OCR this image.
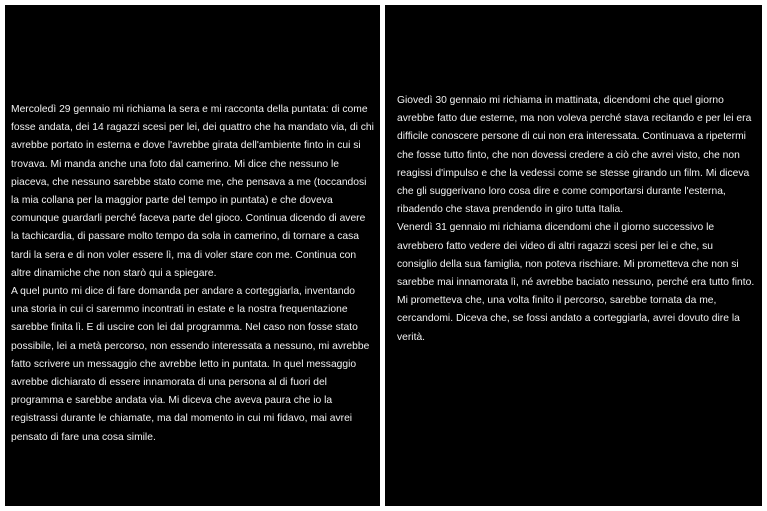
Mercoledì 29 gennaio mi richiama la sera e mi racconta della puntata: di come fosse andata, dei 14 ragazzi scesi per lei, dei quattro che ha mandato via, di chi avrebbe portato in esterna e dove l'avrebbe girata dell'ambiente finto in cui si trovava. Mi manda anche una foto dal camerino. Mi dice che nessuno le piaceva, che nessuno sarebbe stato come me, che pensava a me (toccandosi la mia collana per la maggior parte del tempo in puntata) e che doveva comunque guardarli perché faceva parte del gioco. Continua dicendo di avere la tachicardia, di passare molto tempo da sola in camerino, di tornare a casa tardi la sera e di non voler essere lì, ma di voler stare con me. Continua con altre dinamiche che non starò qui a spiegare.

A quel punto mi dice di fare domanda per andare a corteggiarla, inventando una storia in cui ci saremmo incontrati in estate e la nostra frequentazione sarebbe finita lì. E di uscire con lei dal programma. Nel caso non fosse stato possibile, lei a metà percorso, non essendo interessata a nessuno, mi avrebbe fatto scrivere un messaggio che avrebbe letto in puntata. In quel messaggio avrebbe dichiarato di essere innamorata di una persona al di fuori del programma e sarebbe andata via. Mi diceva che aveva paura che io la registrassi durante le chiamate, ma dal momento in cui mi fidavo, mai avrei pensato di fare una cosa simile.

Giovedì 30 gennaio mi richiama in mattinata, dicendomi che quel giorno avrebbe fatto due esterne, ma non voleva perché stava recitando e per lei era difficile conoscere persone di cui non era interessata. Continuava a ripetermi che fosse tutto finto, che non dovessi credere a ciò che avrei visto, che non reagissi d'impulso e che la vedessi come se stesse girando un film. Mi diceva che gli suggerivano loro cosa dire e come comportarsi durante l'esterna, ribadendo che stava prendendo in giro tutta Italia.

Venerdì 31 gennaio mi richiama dicendomi che il giorno successivo le avrebbero fatto vedere dei video di altri ragazzi scesi per lei e che, su consiglio della sua famiglia, non poteva rischiare. Mi prometteva che non si sarebbe mai innamorata lì, né avrebbe baciato nessuno, perché era tutto finto. Mi prometteva che, una volta finito il percorso, sarebbe tornata da me, cercandomi. Diceva che, se fossi andato a corteggiarla, avrei dovuto dire la verità.
